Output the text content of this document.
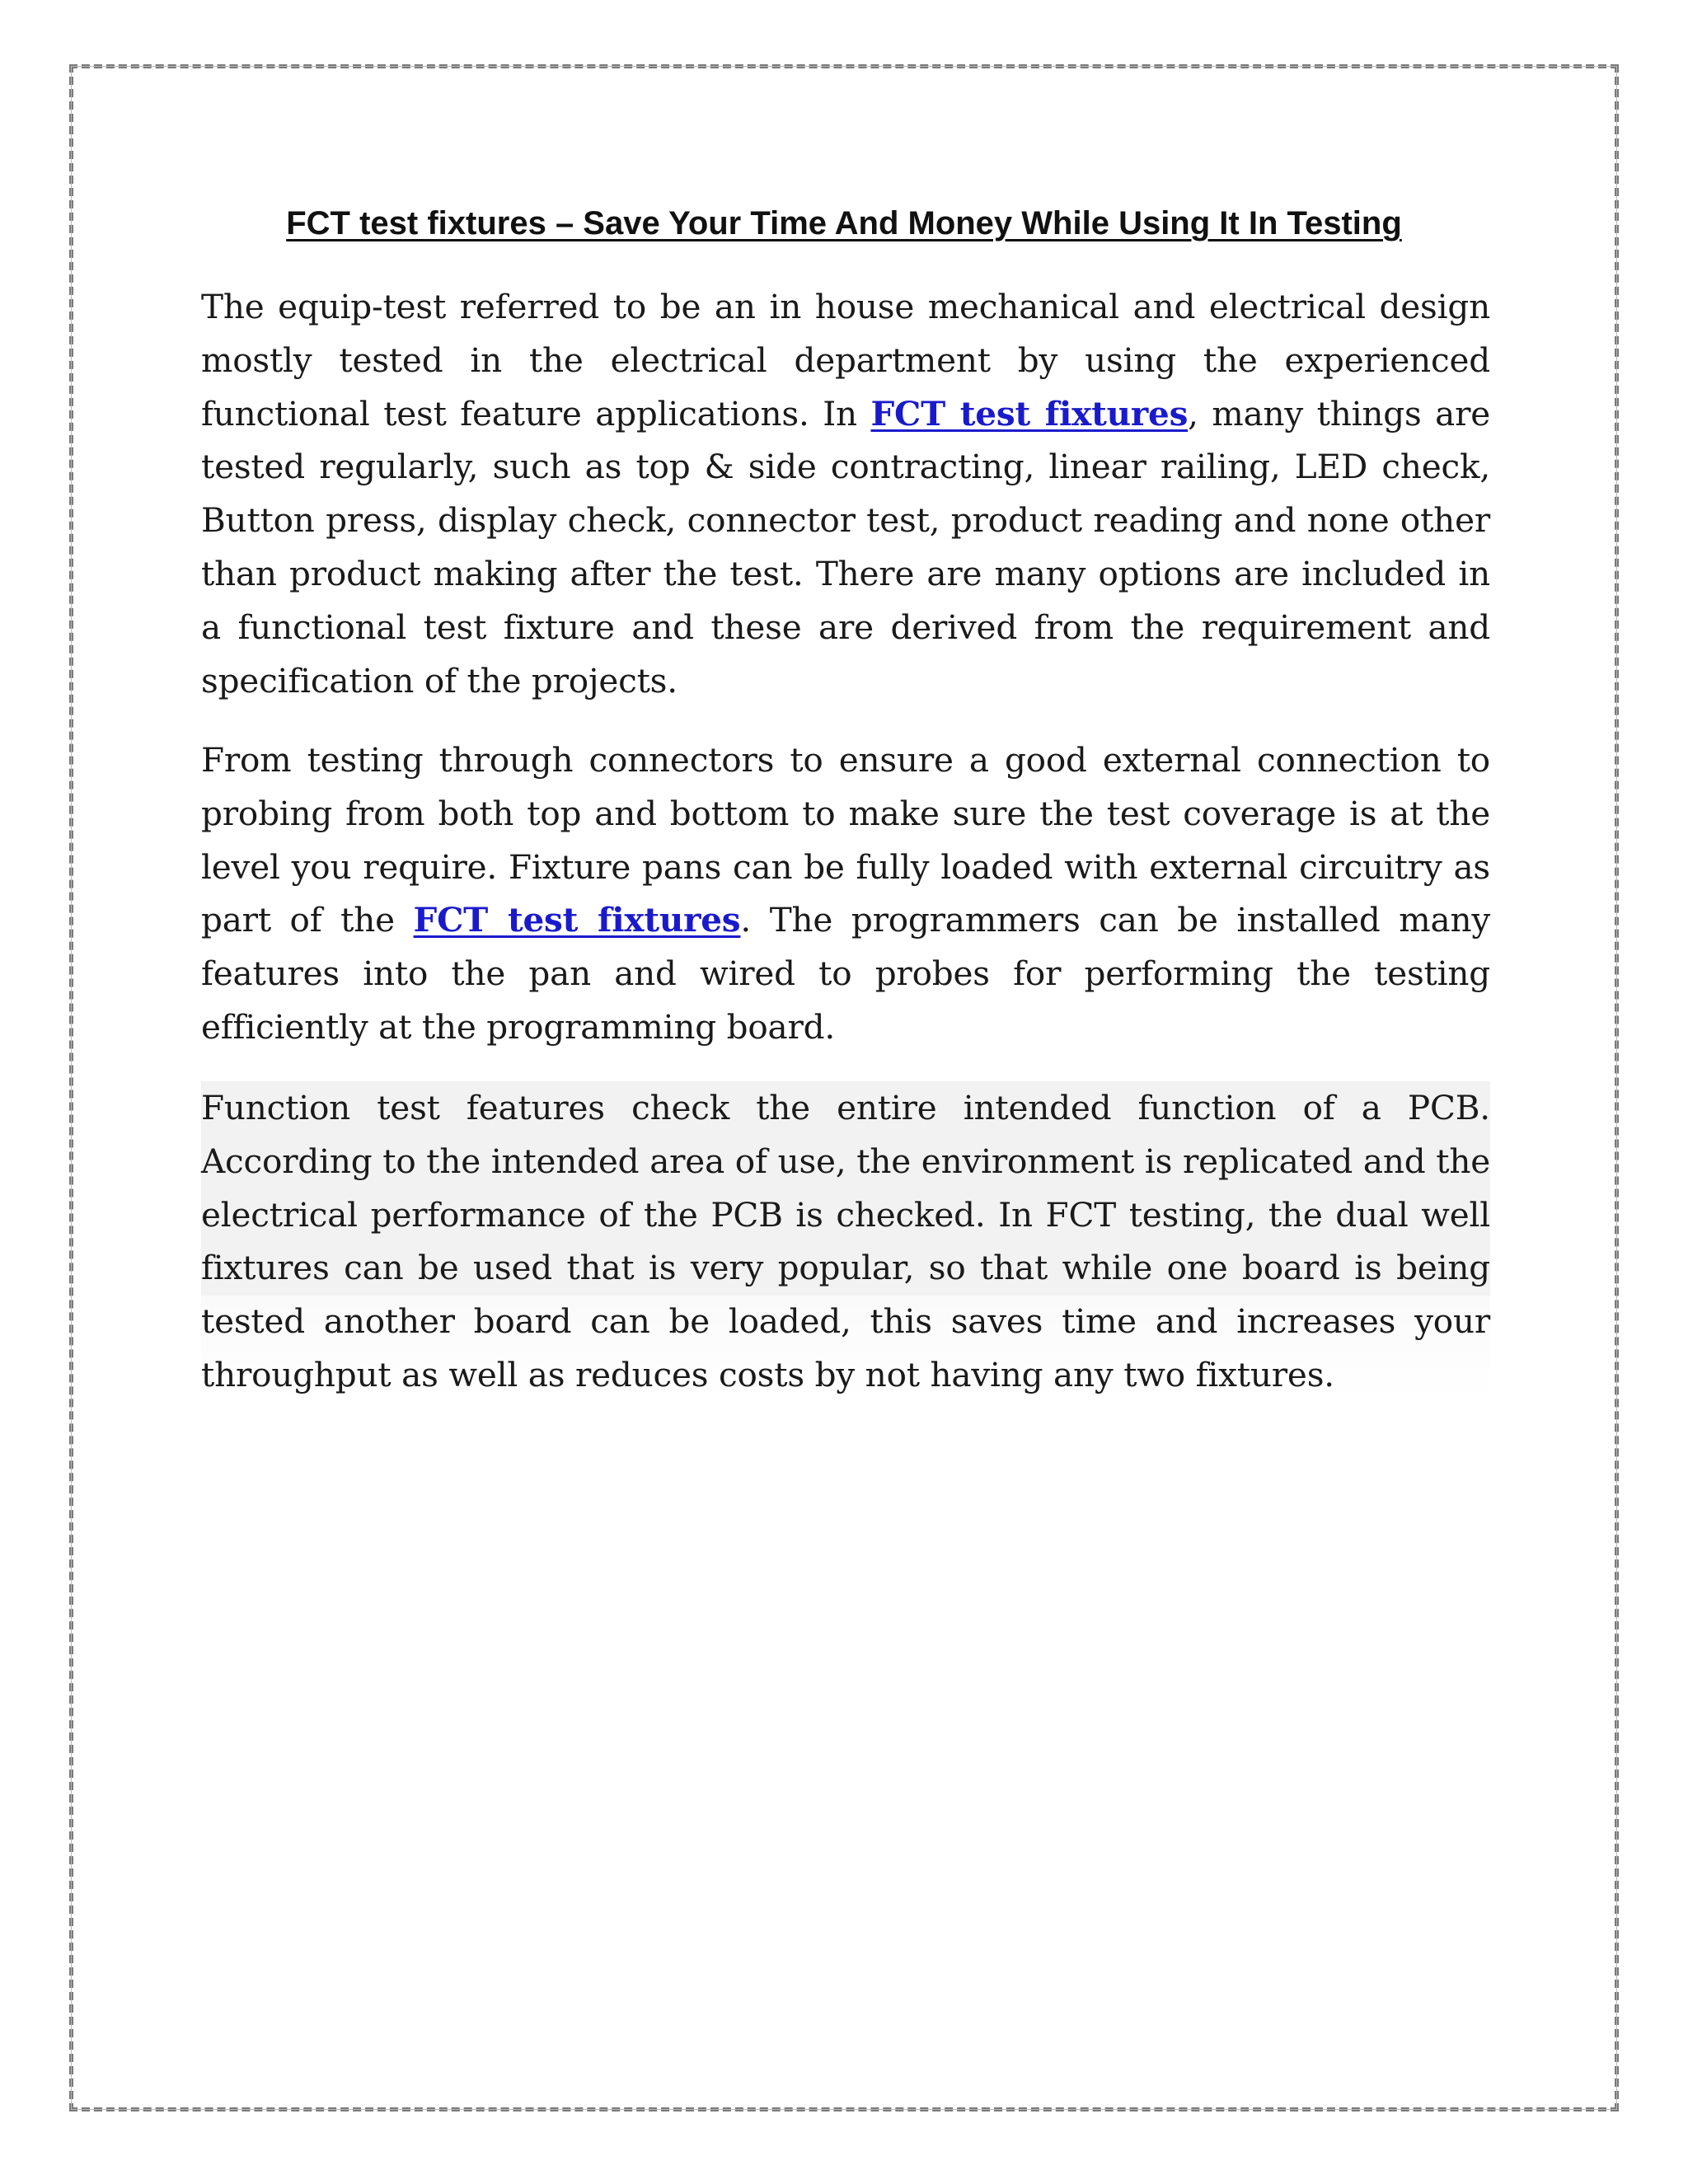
FCT test fixtures – Save Your Time And Money While Using It In Testing

The equip-test referred to be an in house mechanical and electrical design mostly tested in the electrical department by using the experienced functional test feature applications. In FCT test fixtures, many things are tested regularly, such as top & side contracting, linear railing, LED check, Button press, display check, connector test, product reading and none other than product making after the test. There are many options are included in a functional test fixture and these are derived from the requirement and specification of the projects.

From testing through connectors to ensure a good external connection to probing from both top and bottom to make sure the test coverage is at the level you require. Fixture pans can be fully loaded with external circuitry as part of the FCT test fixtures. The programmers can be installed many features into the pan and wired to probes for performing the testing efficiently at the programming board.

Function test features check the entire intended function of a PCB. According to the intended area of use, the environment is replicated and the electrical performance of the PCB is checked. In FCT testing, the dual well fixtures can be used that is very popular, so that while one board is being tested another board can be loaded, this saves time and increases your throughput as well as reduces costs by not having any two fixtures.
